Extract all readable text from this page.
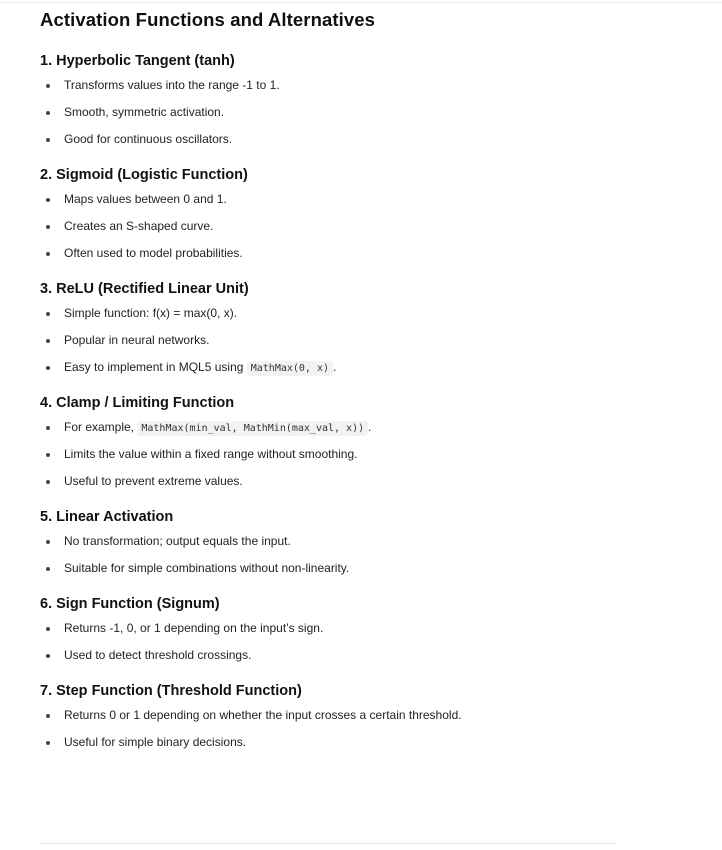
Activation Functions and Alternatives
1. Hyperbolic Tangent (tanh)
Transforms values into the range -1 to 1.
Smooth, symmetric activation.
Good for continuous oscillators.
2. Sigmoid (Logistic Function)
Maps values between 0 and 1.
Creates an S-shaped curve.
Often used to model probabilities.
3. ReLU (Rectified Linear Unit)
Simple function: f(x) = max(0, x).
Popular in neural networks.
Easy to implement in MQL5 using MathMax(0, x) .
4. Clamp / Limiting Function
For example, MathMax(min_val, MathMin(max_val, x)) .
Limits the value within a fixed range without smoothing.
Useful to prevent extreme values.
5. Linear Activation
No transformation; output equals the input.
Suitable for simple combinations without non-linearity.
6. Sign Function (Signum)
Returns -1, 0, or 1 depending on the input’s sign.
Used to detect threshold crossings.
7. Step Function (Threshold Function)
Returns 0 or 1 depending on whether the input crosses a certain threshold.
Useful for simple binary decisions.
